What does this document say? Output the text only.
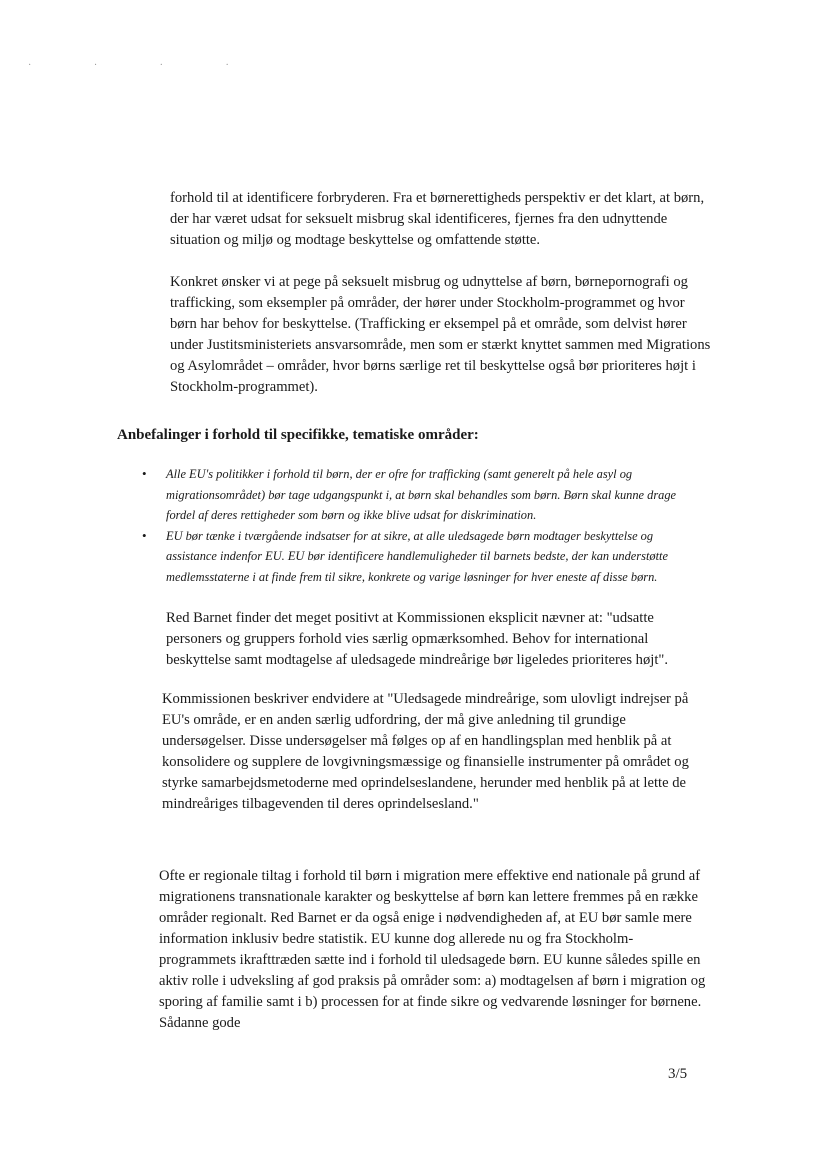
· · · ·

forhold til at identificere forbryderen. Fra et børnerettigheds perspektiv er det klart, at børn, der har været udsat for seksuelt misbrug skal identificeres, fjernes fra den udnyttende situation og miljø og modtage beskyttelse og omfattende støtte.

Konkret ønsker vi at pege på seksuelt misbrug og udnyttelse af børn, børnepornografi og trafficking, som eksempler på områder, der hører under Stockholm-programmet og hvor børn har behov for beskyttelse. (Trafficking er eksempel på et område, som delvist hører under Justitsministeriets ansvarsområde, men som er stærkt knyttet sammen med Migrations og Asylområdet – områder, hvor børns særlige ret til beskyttelse også bør prioriteres højt i Stockholm-programmet).

Anbefalinger i forhold til specifikke, tematiske områder:
• Alle EU's politikker i forhold til børn, der er ofre for trafficking (samt generelt på hele asyl og migrationsområdet) bør tage udgangspunkt i, at børn skal behandles som børn. Børn skal kunne drage fordel af deres rettigheder som børn og ikke blive udsat for diskrimination.
• EU bør tænke i tværgående indsatser for at sikre, at alle uledsagede børn modtager beskyttelse og assistance indenfor EU. EU bør identificere handlemuligheder til barnets bedste, der kan understøtte medlemsstaterne i at finde frem til sikre, konkrete og varige løsninger for hver eneste af disse børn.

Red Barnet finder det meget positivt at Kommissionen eksplicit nævner at: "udsatte personers og gruppers forhold vies særlig opmærksomhed. Behov for international beskyttelse samt modtagelse af uledsagede mindreårige bør ligeledes prioriteres højt".

Kommissionen beskriver endvidere at "Uledsagede mindreårige, som ulovligt indrejser på EU's område, er en anden særlig udfordring, der må give anledning til grundige undersøgelser. Disse undersøgelser må følges op af en handlingsplan med henblik på at konsolidere og supplere de lovgivningsmæssige og finansielle instrumenter på området og styrke samarbejdsmetoderne med oprindelseslandene, herunder med henblik på at lette de mindreåriges tilbagevenden til deres oprindelsesland."

Ofte er regionale tiltag i forhold til børn i migration mere effektive end nationale på grund af migrationens transnationale karakter og beskyttelse af børn kan lettere fremmes på en række områder regionalt. Red Barnet er da også enige i nødvendigheden af, at EU bør samle mere information inklusiv bedre statistik. EU kunne dog allerede nu og fra Stockholm-programmets ikrafttræden sætte ind i forhold til uledsagede børn. EU kunne således spille en aktiv rolle i udveksling af god praksis på områder som: a) modtagelsen af børn i migration og sporing af familie samt i b) processen for at finde sikre og vedvarende løsninger for børnene. Sådanne gode

3/5
